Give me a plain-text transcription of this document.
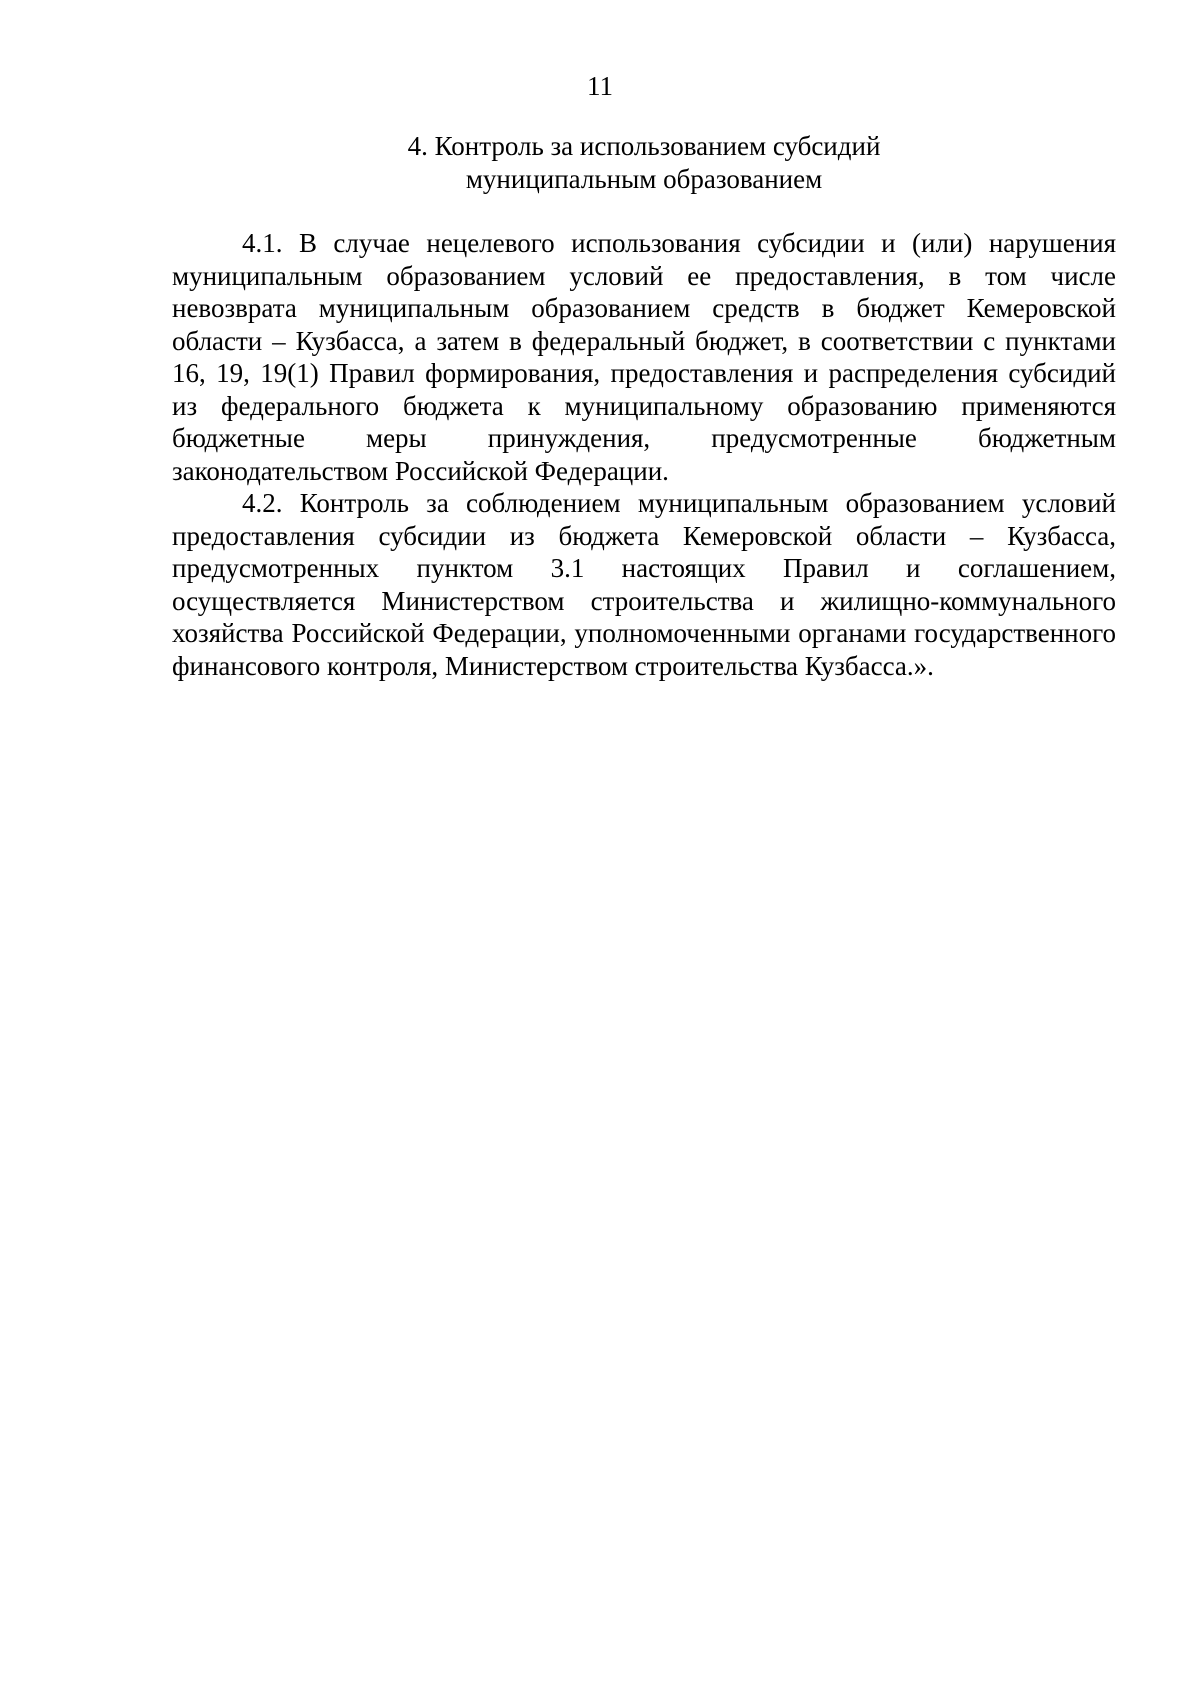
11
4. Контроль за использованием субсидий
муниципальным образованием

4.1. В случае нецелевого использования субсидии и (или) нарушения муниципальным образованием условий ее предоставления, в том числе невозврата муниципальным образованием средств в бюджет Кемеровской области – Кузбасса, а затем в федеральный бюджет, в соответствии с пунктами 16, 19, 19(1) Правил формирования, предоставления и распределения субсидий из федерального бюджета к муниципальному образованию применяются бюджетные меры принуждения, предусмотренные бюджетным законодательством Российской Федерации.

4.2. Контроль за соблюдением муниципальным образованием условий предоставления субсидии из бюджета Кемеровской области – Кузбасса, предусмотренных пунктом 3.1 настоящих Правил и соглашением, осуществляется Министерством строительства и жилищно-коммунального хозяйства Российской Федерации, уполномоченными органами государственного финансового контроля, Министерством строительства Кузбасса.».
